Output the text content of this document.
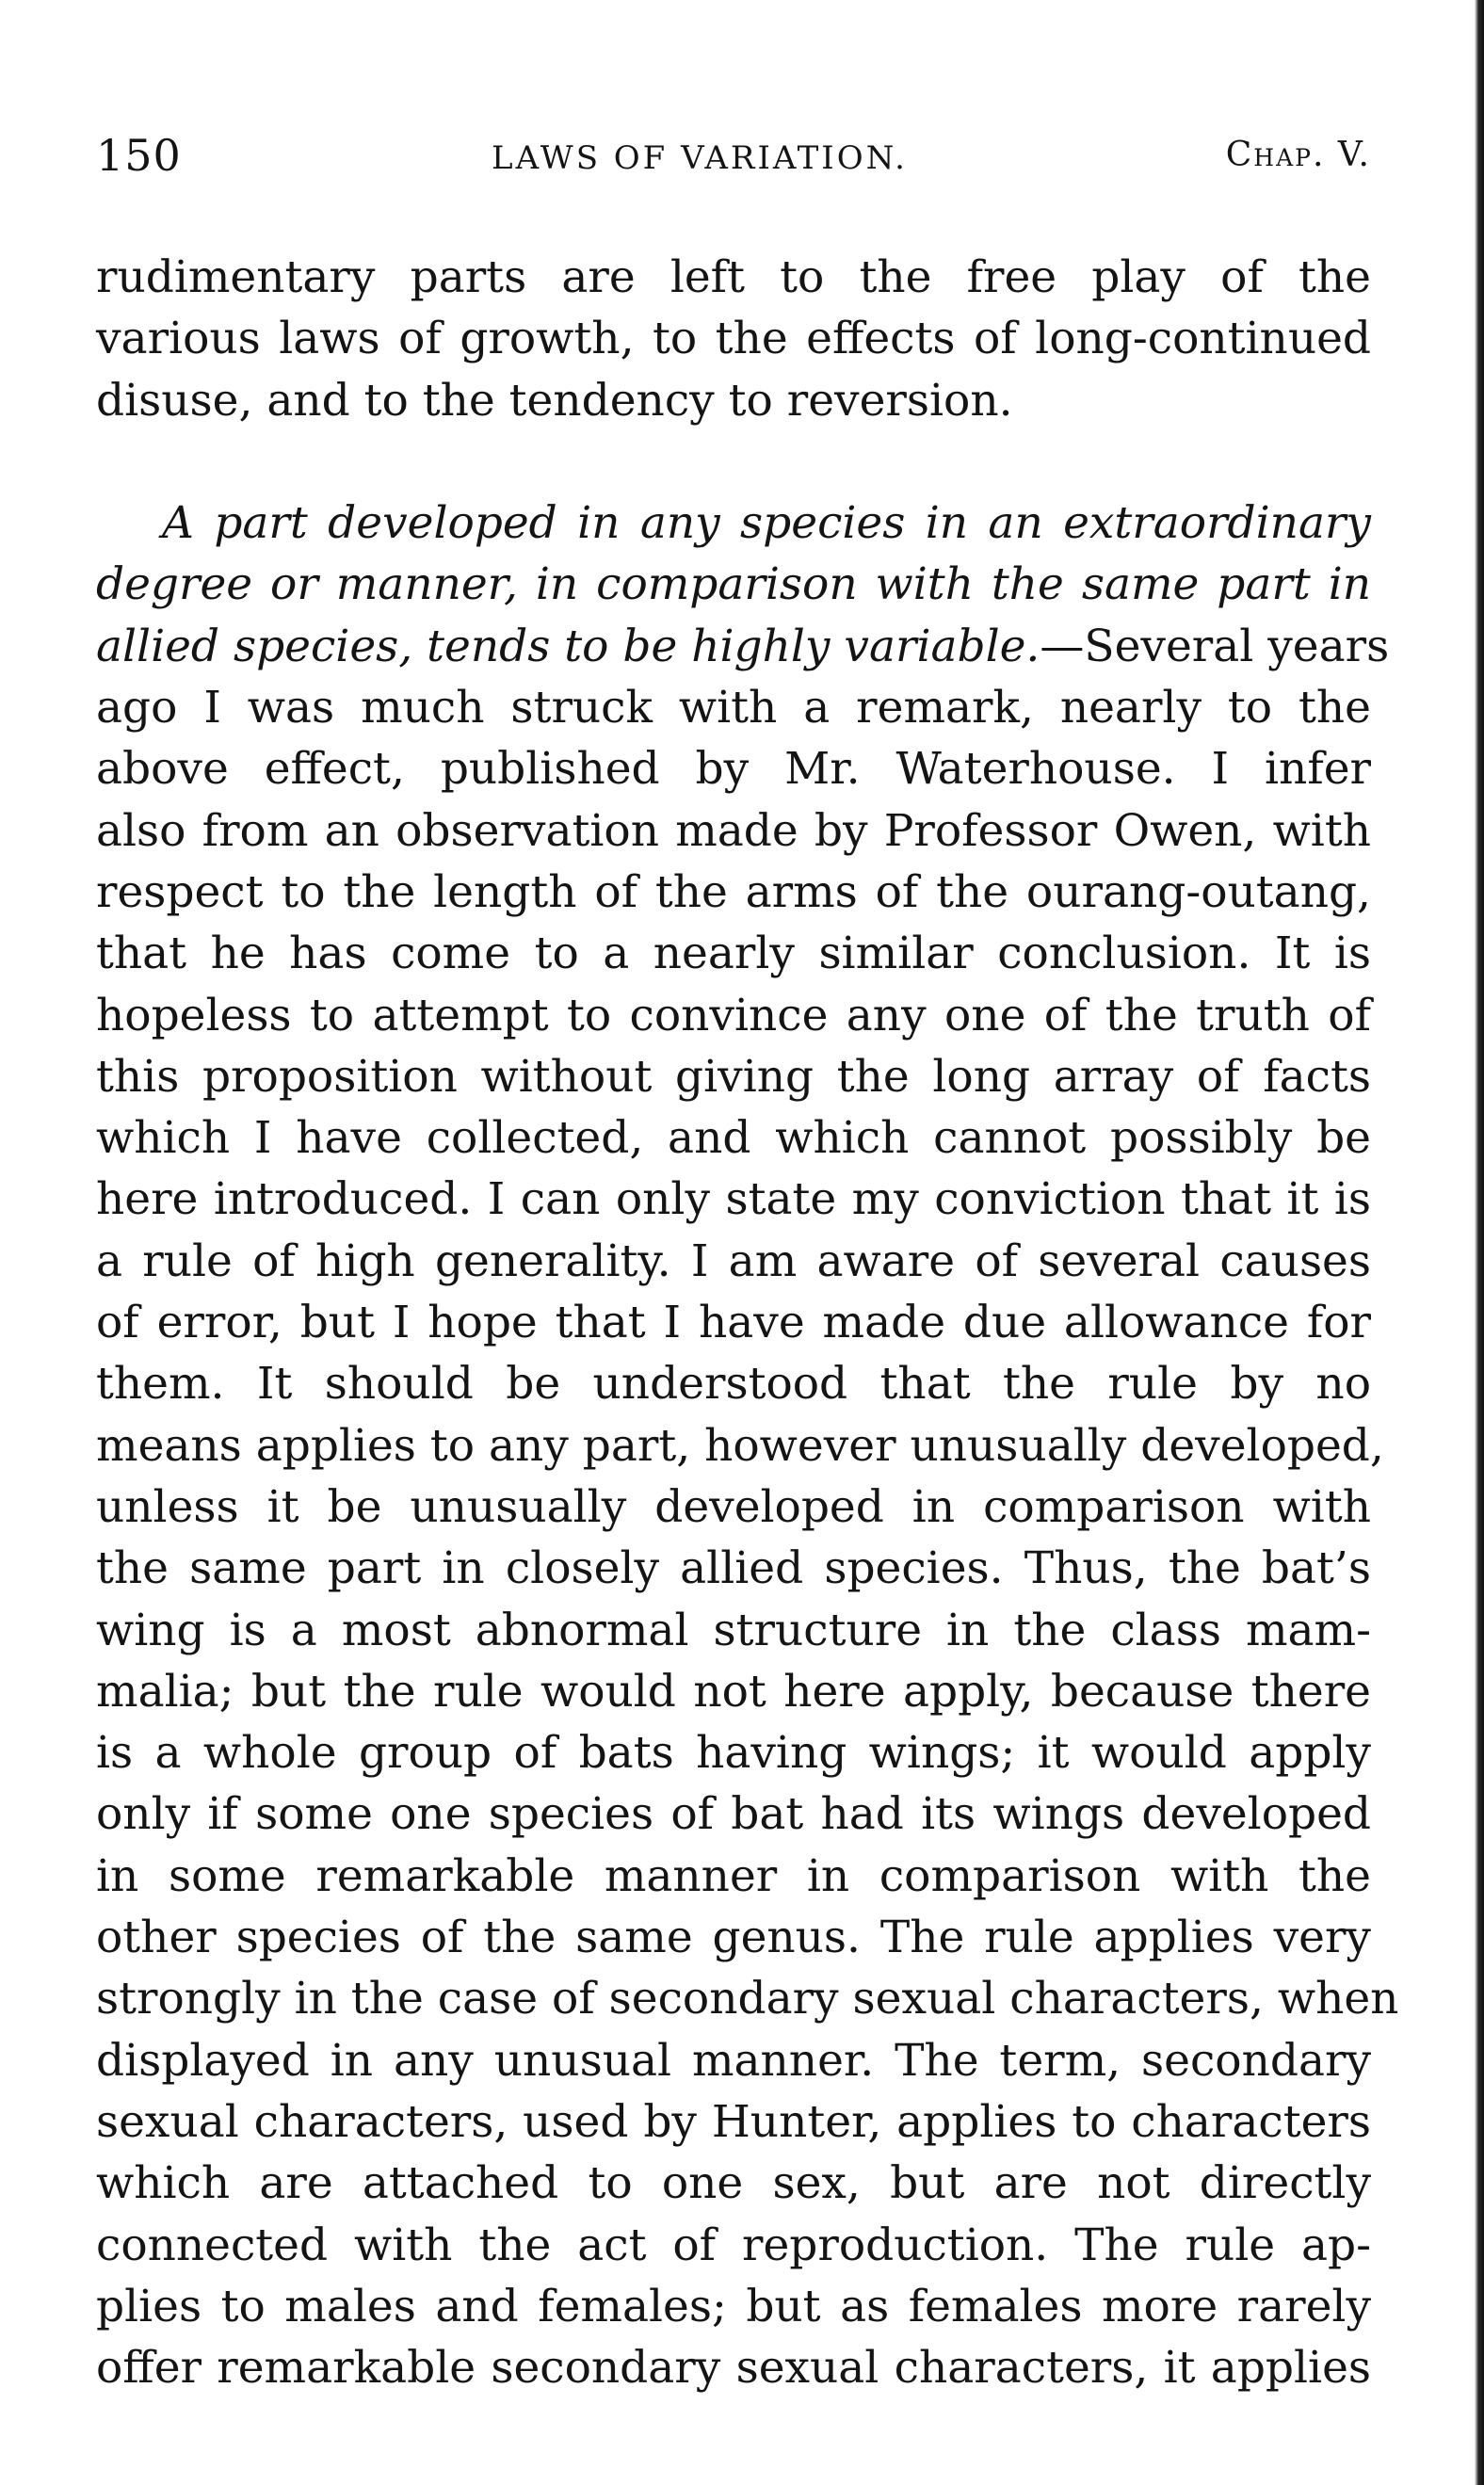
150	LAWS OF VARIATION.	Chap. V.
rudimentary parts are left to the free play of the
various laws of growth, to the effects of long-continued
disuse, and to the tendency to reversion.
A part developed in any species in an extraordinary
degree or manner, in comparison with the same part in
allied species, tends to be highly variable.—Several years
ago I was much struck with a remark, nearly to the
above effect, published by Mr. Waterhouse. I infer
also from an observation made by Professor Owen, with
respect to the length of the arms of the ourang-outang,
that he has come to a nearly similar conclusion. It is
hopeless to attempt to convince any one of the truth of
this proposition without giving the long array of facts
which I have collected, and which cannot possibly be
here introduced. I can only state my conviction that it is
a rule of high generality. I am aware of several causes
of error, but I hope that I have made due allowance for
them. It should be understood that the rule by no
means applies to any part, however unusually developed,
unless it be unusually developed in comparison with
the same part in closely allied species. Thus, the bat’s
wing is a most abnormal structure in the class mam-
malia; but the rule would not here apply, because there
is a whole group of bats having wings; it would apply
only if some one species of bat had its wings developed
in some remarkable manner in comparison with the
other species of the same genus. The rule applies very
strongly in the case of secondary sexual characters, when
displayed in any unusual manner. The term, secondary
sexual characters, used by Hunter, applies to characters
which are attached to one sex, but are not directly
connected with the act of reproduction. The rule ap-
plies to males and females; but as females more rarely
offer remarkable secondary sexual characters, it applies
